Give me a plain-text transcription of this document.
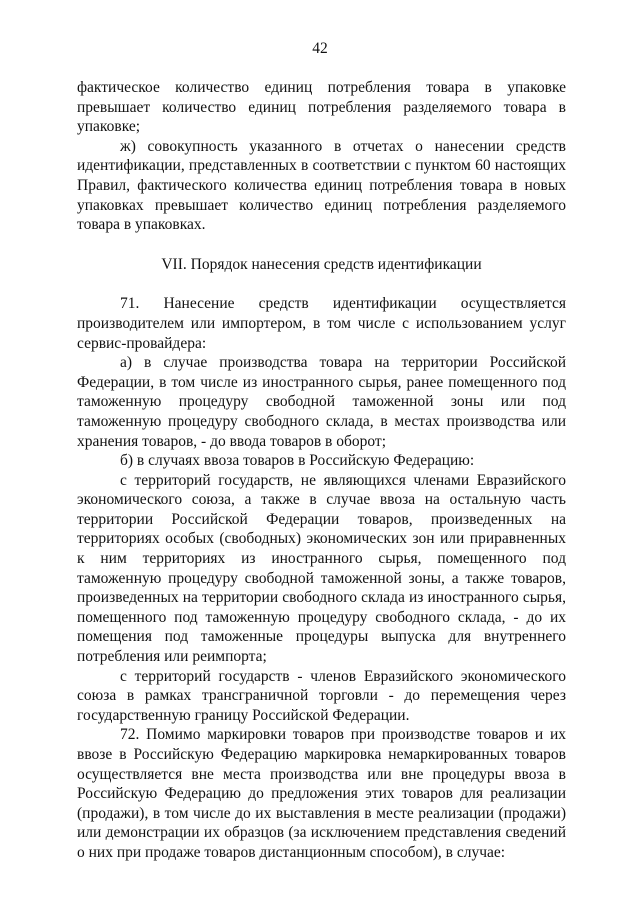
42

фактическое количество единиц потребления товара в упаковке превышает количество единиц потребления разделяемого товара в упаковке;

ж) совокупность указанного в отчетах о нанесении средств идентификации, представленных в соответствии с пунктом 60 настоящих Правил, фактического количества единиц потребления товара в новых упаковках превышает количество единиц потребления разделяемого товара в упаковках.

VII. Порядок нанесения средств идентификации

71. Нанесение средств идентификации осуществляется производителем или импортером, в том числе с использованием услуг сервис-провайдера:

а) в случае производства товара на территории Российской Федерации, в том числе из иностранного сырья, ранее помещенного под таможенную процедуру свободной таможенной зоны или под таможенную процедуру свободного склада, в местах производства или хранения товаров, - до ввода товаров в оборот;

б) в случаях ввоза товаров в Российскую Федерацию:

с территорий государств, не являющихся членами Евразийского экономического союза, а также в случае ввоза на остальную часть территории Российской Федерации товаров, произведенных на территориях особых (свободных) экономических зон или приравненных к ним территориях из иностранного сырья, помещенного под таможенную процедуру свободной таможенной зоны, а также товаров, произведенных на территории свободного склада из иностранного сырья, помещенного под таможенную процедуру свободного склада, - до их помещения под таможенные процедуры выпуска для внутреннего потребления или реимпорта;

с территорий государств - членов Евразийского экономического союза в рамках трансграничной торговли - до перемещения через государственную границу Российской Федерации.

72. Помимо маркировки товаров при производстве товаров и их ввозе в Российскую Федерацию маркировка немаркированных товаров осуществляется вне места производства или вне процедуры ввоза в Российскую Федерацию до предложения этих товаров для реализации (продажи), в том числе до их выставления в месте реализации (продажи) или демонстрации их образцов (за исключением представления сведений о них при продаже товаров дистанционным способом), в случае:
